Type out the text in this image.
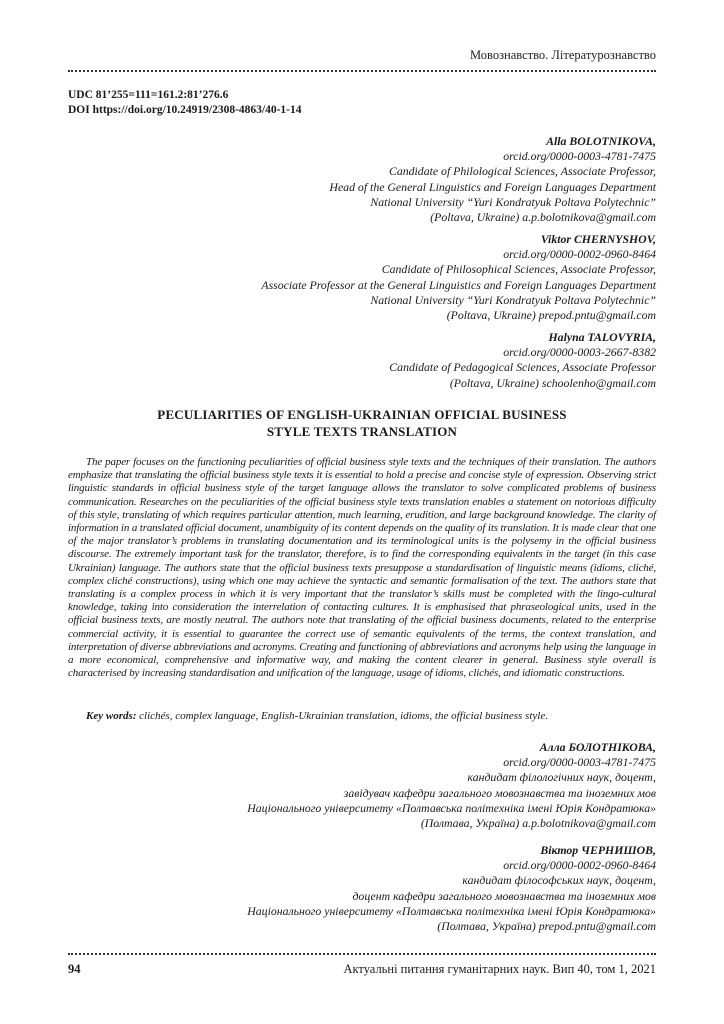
Мовознавство. Літературознавство
UDC 81’255=111=161.2:81’276.6
DOI https://doi.org/10.24919/2308-4863/40-1-14
Alla BOLOTNIKOVA,
orcid.org/0000-0003-4781-7475
Candidate of Philological Sciences, Associate Professor,
Head of the General Linguistics and Foreign Languages Department
National University “Yuri Kondratyuk Poltava Polytechnic”
(Poltava, Ukraine) a.p.bolotnikova@gmail.com
Viktor CHERNYSHOV,
orcid.org/0000-0002-0960-8464
Candidate of Philosophical Sciences, Associate Professor,
Associate Professor at the General Linguistics and Foreign Languages Department
National University “Yuri Kondratyuk Poltava Polytechnic”
(Poltava, Ukraine) prepod.pntu@gmail.com
Halyna TALOVYRIA,
orcid.org/0000-0003-2667-8382
Candidate of Pedagogical Sciences, Associate Professor
(Poltava, Ukraine) schoolenho@gmail.com
PECULIARITIES OF ENGLISH-UKRAINIAN OFFICIAL BUSINESS
STYLE TEXTS TRANSLATION

The paper focuses on the functioning peculiarities of official business style texts and the techniques of their translation. The authors emphasize that translating the official business style texts it is essential to hold a precise and concise style of expression. Observing strict linguistic standards in official business style of the target language allows the translator to solve complicated problems of business communication. Researches on the peculiarities of the official business style texts translation enables a statement on notorious difficulty of this style, translating of which requires particular attention, much learning, erudition, and large background knowledge. The clarity of information in a translated official document, unambiguity of its content depends on the quality of its translation. It is made clear that one of the major translator’s problems in translating documentation and its terminological units is the polysemy in the official business discourse. The extremely important task for the translator, therefore, is to find the corresponding equivalents in the target (in this case Ukrainian) language. The authors state that the official business texts presuppose a standardisation of linguistic means (idioms, cliché, complex cliché constructions), using which one may achieve the syntactic and semantic formalisation of the text. The authors state that translating is a complex process in which it is very important that the translator’s skills must be completed with the lingo-cultural knowledge, taking into consideration the interrelation of contacting cultures. It is emphasised that phraseological units, used in the official business texts, are mostly neutral. The authors note that translating of the official business documents, related to the enterprise commercial activity, it is essential to guarantee the correct use of semantic equivalents of the terms, the context translation, and interpretation of diverse abbreviations and acronyms. Creating and functioning of abbreviations and acronyms help using the language in a more economical, comprehensive and informative way, and making the content clearer in general. Business style overall is characterised by increasing standardisation and unification of the language, usage of idioms, clichés, and idiomatic constructions.

Key words: clichés, complex language, English-Ukrainian translation, idioms, the official business style.

Алла БОЛОТНІКОВА,
orcid.org/0000-0003-4781-7475
кандидат філологічних наук, доцент,
завідувач кафедри загального мовознавства та іноземних мов
Національного університету «Полтавська політехніка імені Юрія Кондратюка»
(Полтава, Україна) a.p.bolotnikova@gmail.com
Віктор ЧЕРНИШОВ,
orcid.org/0000-0002-0960-8464
кандидат філософських наук, доцент,
доцент кафедри загального мовознавства та іноземних мов
Національного університету «Полтавська політехніка імені Юрія Кондратюка»
(Полтава, Україна) prepod.pntu@gmail.com
94	Актуальні питання гуманітарних наук. Вип 40, том 1, 2021
